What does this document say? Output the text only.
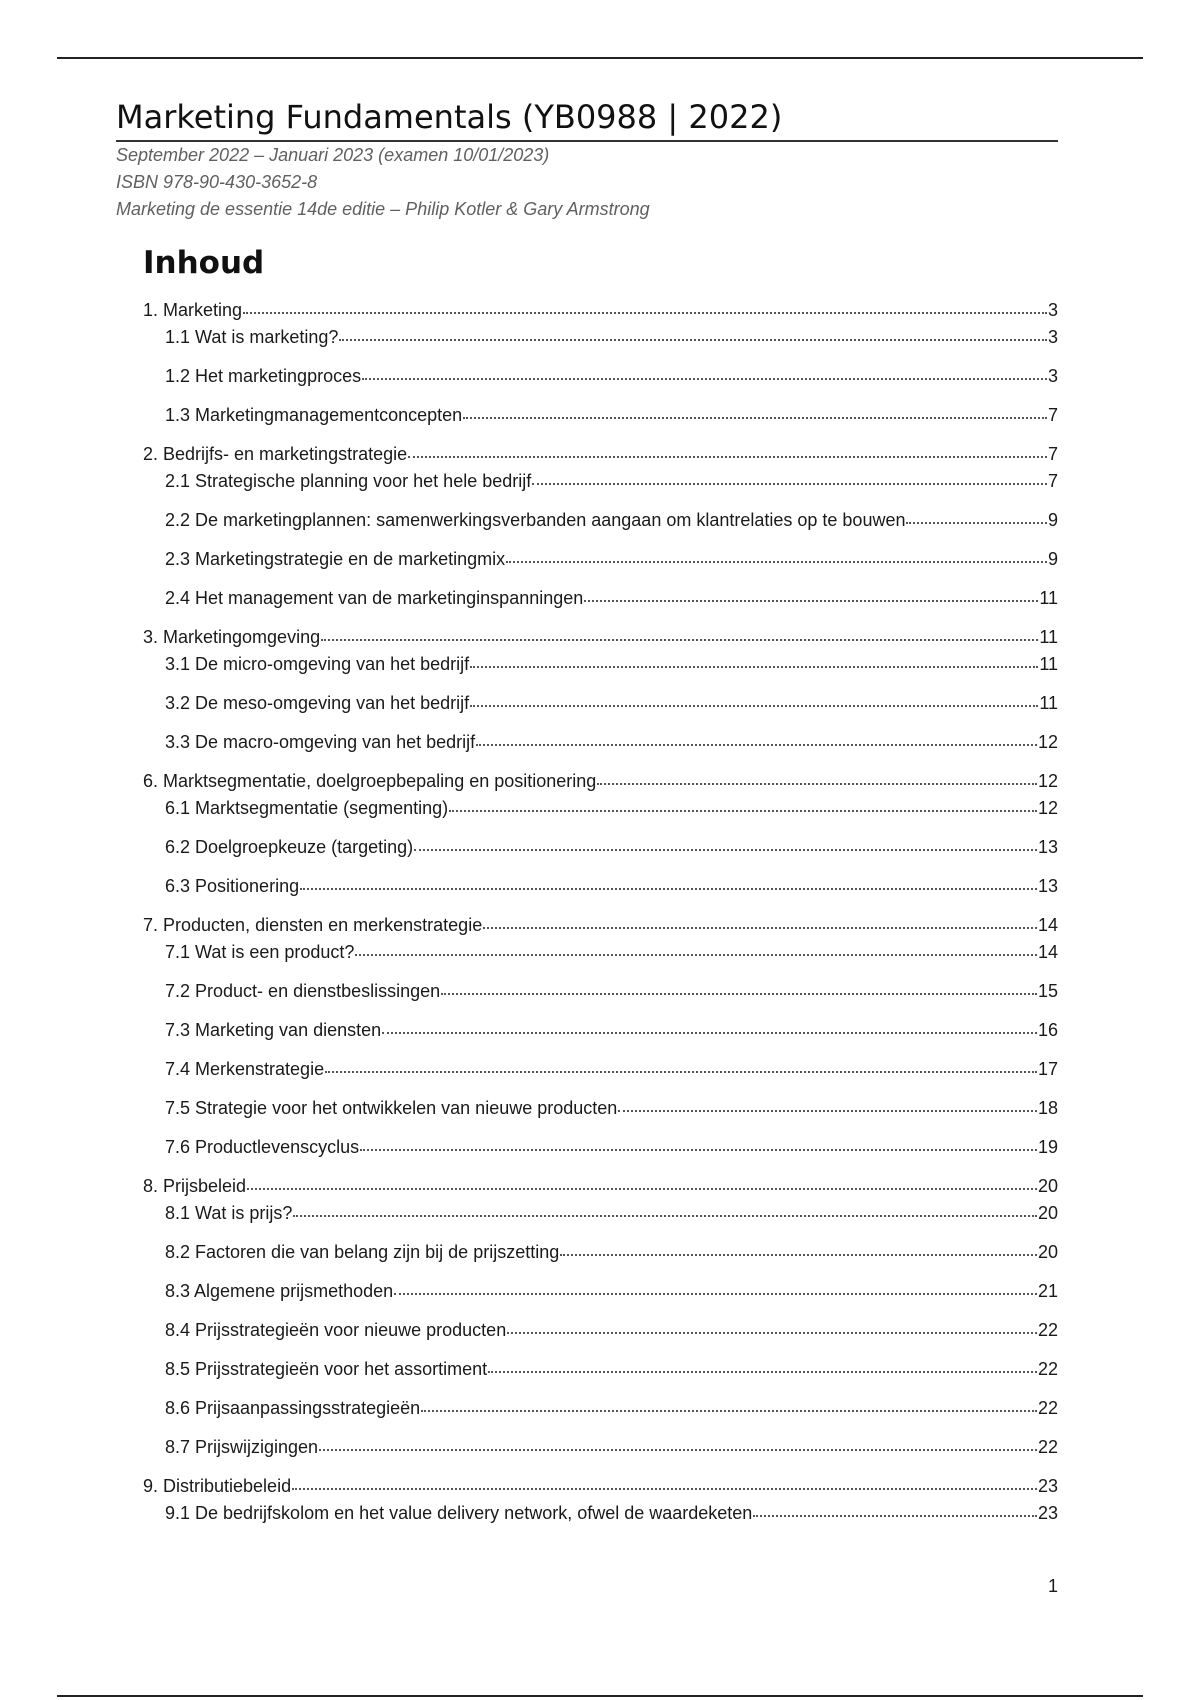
Marketing Fundamentals (YB0988 | 2022)
September 2022 – Januari 2023 (examen 10/01/2023)
ISBN 978-90-430-3652-8
Marketing de essentie 14de editie – Philip Kotler & Gary Armstrong
Inhoud
1. Marketing	3
1.1 Wat is marketing?	3
1.2 Het marketingproces	3
1.3 Marketingmanagementconcepten	7
2. Bedrijfs- en marketingstrategie	7
2.1 Strategische planning voor het hele bedrijf	7
2.2 De marketingplannen: samenwerkingsverbanden aangaan om klantrelaties op te bouwen	9
2.3 Marketingstrategie en de marketingmix	9
2.4 Het management van de marketinginspanningen	11
3. Marketingomgeving	11
3.1 De micro-omgeving van het bedrijf	11
3.2 De meso-omgeving van het bedrijf	11
3.3 De macro-omgeving van het bedrijf	12
6. Marktsegmentatie, doelgroepbepaling en positionering	12
6.1 Marktsegmentatie (segmenting)	12
6.2 Doelgroepkeuze (targeting)	13
6.3 Positionering	13
7. Producten, diensten en merkenstrategie	14
7.1 Wat is een product?	14
7.2 Product- en dienstbeslissingen	15
7.3 Marketing van diensten	16
7.4 Merkenstrategie	17
7.5 Strategie voor het ontwikkelen van nieuwe producten	18
7.6 Productlevenscyclus	19
8. Prijsbeleid	20
8.1 Wat is prijs?	20
8.2 Factoren die van belang zijn bij de prijszetting	20
8.3 Algemene prijsmethoden	21
8.4 Prijsstrategieën voor nieuwe producten	22
8.5 Prijsstrategieën voor het assortiment	22
8.6 Prijsaanpassingsstrategieën	22
8.7 Prijswijzigingen	22
9. Distributiebeleid	23
9.1 De bedrijfskolom en het value delivery network, ofwel de waardeketen	23
1
